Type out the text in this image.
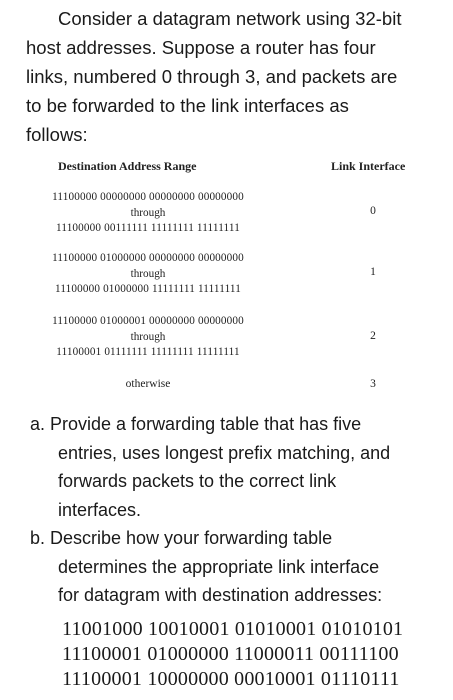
Consider a datagram network using 32-bit
host addresses. Suppose a router has four
links, numbered 0 through 3, and packets are
to be forwarded to the link interfaces as
follows:
Destination Address Range	Link Interface
11100000 00000000 00000000 00000000
through
11100000 00111111 11111111 11111111
0
11100000 01000000 00000000 00000000
through
11100000 01000000 11111111 11111111
1
11100000 01000001 00000000 00000000
through
11100001 01111111 11111111 11111111
2
otherwise	3
a. Provide a forwarding table that has five
entries, uses longest prefix matching, and
forwards packets to the correct link
interfaces.
b. Describe how your forwarding table
determines the appropriate link interface
for datagram with destination addresses:
11001000 10010001 01010001 01010101
11100001 01000000 11000011 00111100
11100001 10000000 00010001 01110111
